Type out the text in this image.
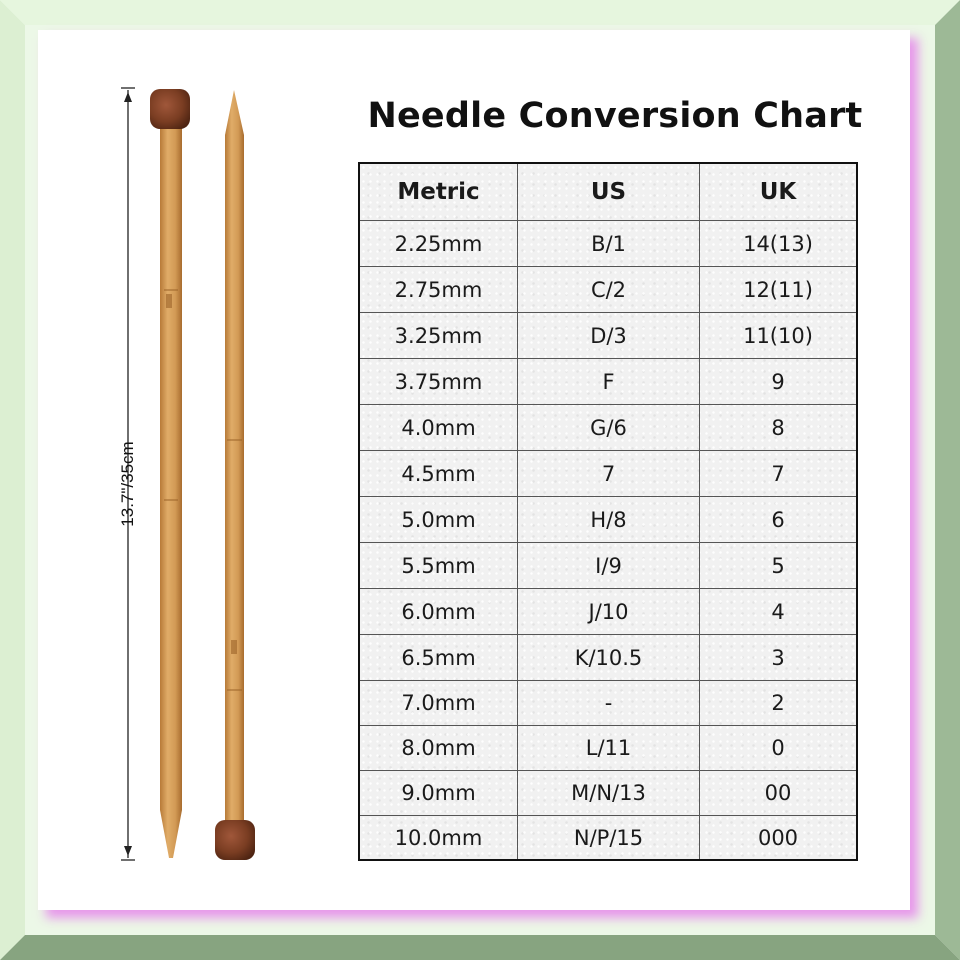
13.7"/35cm
Needle Conversion Chart
Metric	US	UK
2.25mm	B/1	14(13)
2.75mm	C/2	12(11)
3.25mm	D/3	11(10)
3.75mm	F	9
4.0mm	G/6	8
4.5mm	7	7
5.0mm	H/8	6
5.5mm	I/9	5
6.0mm	J/10	4
6.5mm	K/10.5	3
7.0mm	-	2
8.0mm	L/11	0
9.0mm	M/N/13	00
10.0mm	N/P/15	000
